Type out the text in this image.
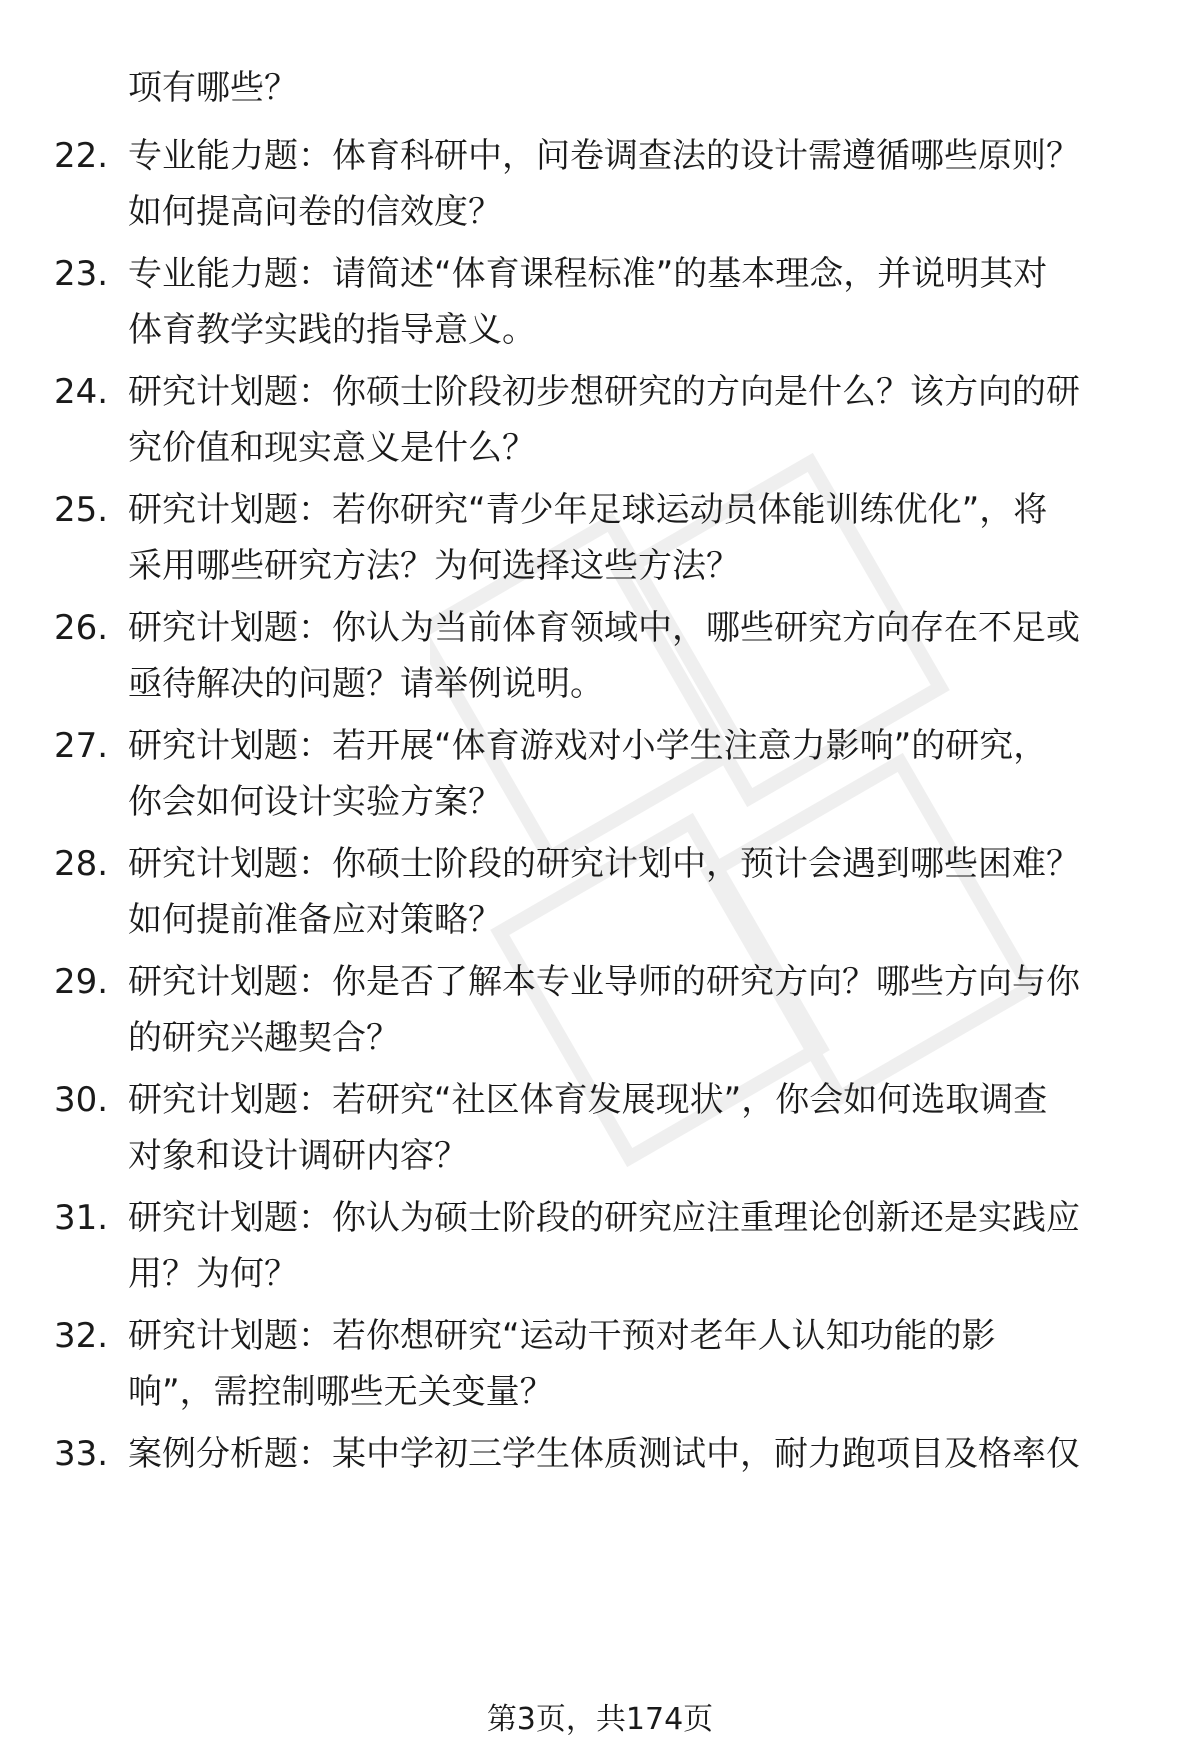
项有哪些？

22. 专业能力题：体育科研中，问卷调查法的设计需遵循哪些原则？
如何提高问卷的信效度？
23. 专业能力题：请简述“体育课程标准”的基本理念，并说明其对
体育教学实践的指导意义。
24. 研究计划题：你硕士阶段初步想研究的方向是什么？该方向的研
究价值和现实意义是什么？
25. 研究计划题：若你研究“青少年足球运动员体能训练优化”，将
采用哪些研究方法？为何选择这些方法？
26. 研究计划题：你认为当前体育领域中，哪些研究方向存在不足或
亟待解决的问题？请举例说明。
27. 研究计划题：若开展“体育游戏对小学生注意力影响”的研究，
你会如何设计实验方案？
28. 研究计划题：你硕士阶段的研究计划中，预计会遇到哪些困难？
如何提前准备应对策略？
29. 研究计划题：你是否了解本专业导师的研究方向？哪些方向与你
的研究兴趣契合？
30. 研究计划题：若研究“社区体育发展现状”，你会如何选取调查
对象和设计调研内容？
31. 研究计划题：你认为硕士阶段的研究应注重理论创新还是实践应
用？为何？
32. 研究计划题：若你想研究“运动干预对老年人认知功能的影
响”，需控制哪些无关变量？
33. 案例分析题：某中学初三学生体质测试中，耐力跑项目及格率仅
第3页，共174页
